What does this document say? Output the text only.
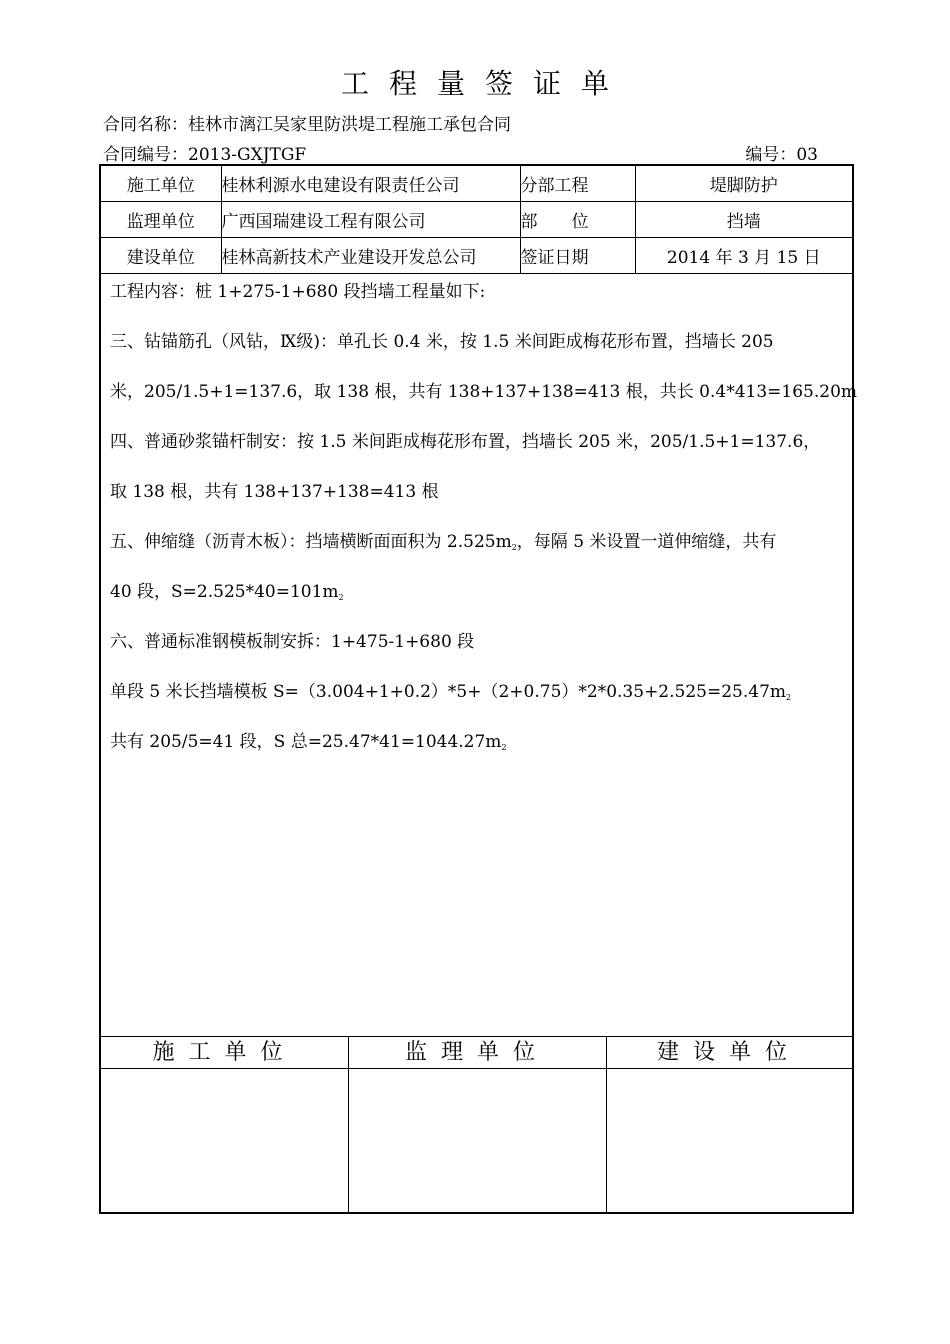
工程量签证单
合同名称：桂林市漓江吴家里防洪堤工程施工承包合同
合同编号：2013-GXJTGF	编号：03
施工单位	桂林利源水电建设有限责任公司	分部工程	堤脚防护
监理单位	广西国瑞建设工程有限公司	部　　位	挡墙
建设单位	桂林高新技术产业建设开发总公司	签证日期	2014 年 3 月 15 日
工程内容：桩 1+275-1+680 段挡墙工程量如下:
三、钻锚筋孔（风钻，Ⅸ级)：单孔长 0.4 米，按 1.5 米间距成梅花形布置，挡墙长 205
米，205/1.5+1=137.6，取 138 根，共有 138+137+138=413 根，共长 0.4*413=165.20m
四、普通砂浆锚杆制安：按 1.5 米间距成梅花形布置，挡墙长 205 米，205/1.5+1=137.6，
取 138 根，共有 138+137+138=413 根
五、伸缩缝（沥青木板）：挡墙横断面面积为 $2.525m^2$，每隔 5 米设置一道伸缩缝，共有
40 段，$S=2.525*40=101m^2$
六、普通标准钢模板制安拆：1+475-1+680 段
单段 5 米长挡墙模板 $S=(3.004+1+0.2)*5+(2+0.75)*2*0.35+2.525=25.47m^2$
共有 205/5=41 段，S 总$=25.47*41=1044.27m^2$
施工单位	监理单位	建设单位
